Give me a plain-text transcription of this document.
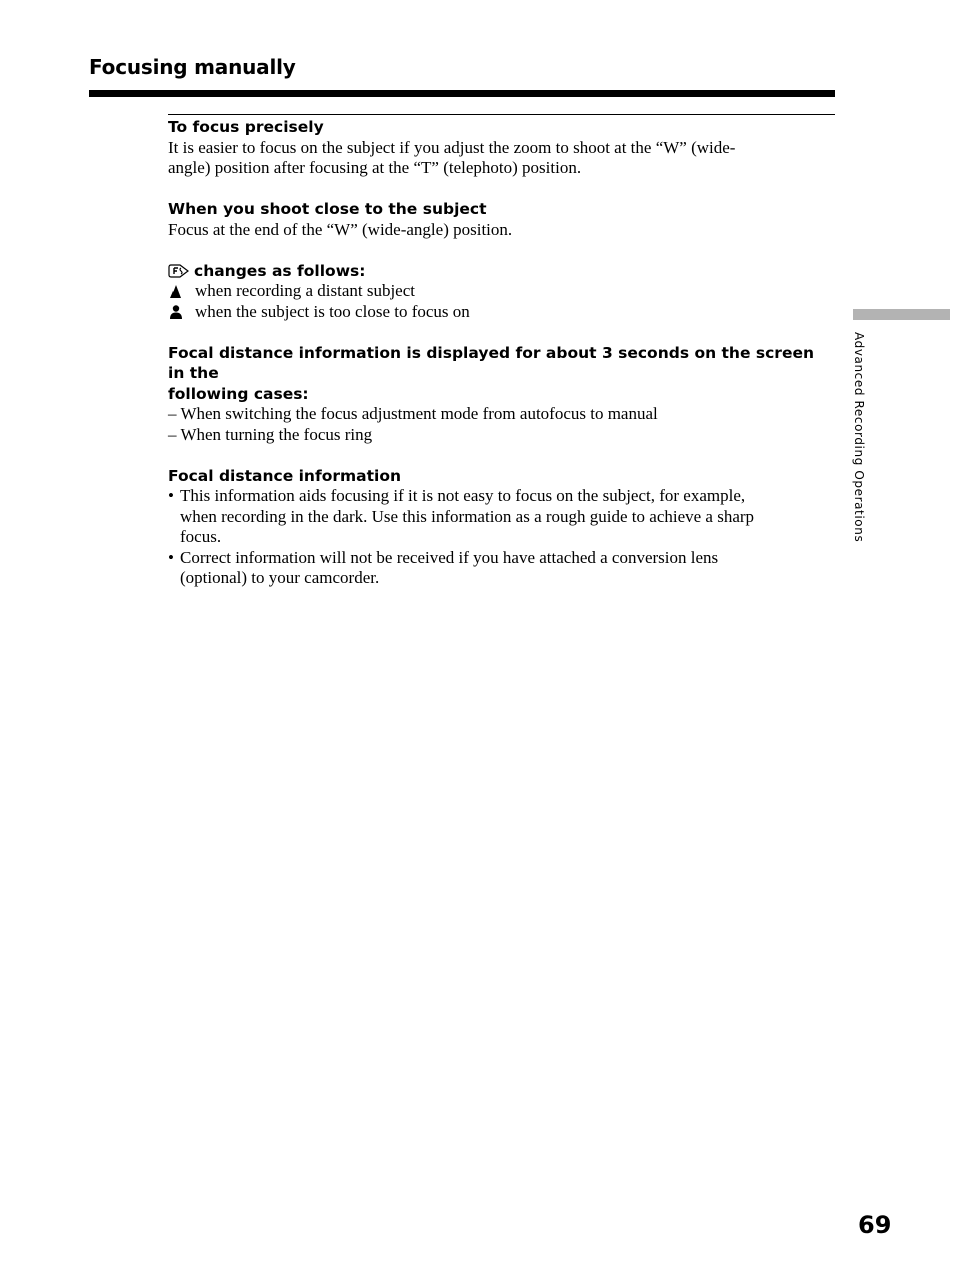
Focusing manually
To focus precisely
It is easier to focus on the subject if you adjust the zoom to shoot at the “W” (wide-
angle) position after focusing at the “T” (telephoto) position.
When you shoot close to the subject
Focus at the end of the “W” (wide-angle) position.
changes as follows:
when recording a distant subject
when the subject is too close to focus on
Focal distance information is displayed for about 3 seconds on the screen in the
following cases:
– When switching the focus adjustment mode from autofocus to manual
– When turning the focus ring
Focal distance information
• This information aids focusing if it is not easy to focus on the subject, for example,
when recording in the dark. Use this information as a rough guide to achieve a sharp
focus.
• Correct information will not be received if you have attached a conversion lens
(optional) to your camcorder.
Advanced Recording Operations
69
